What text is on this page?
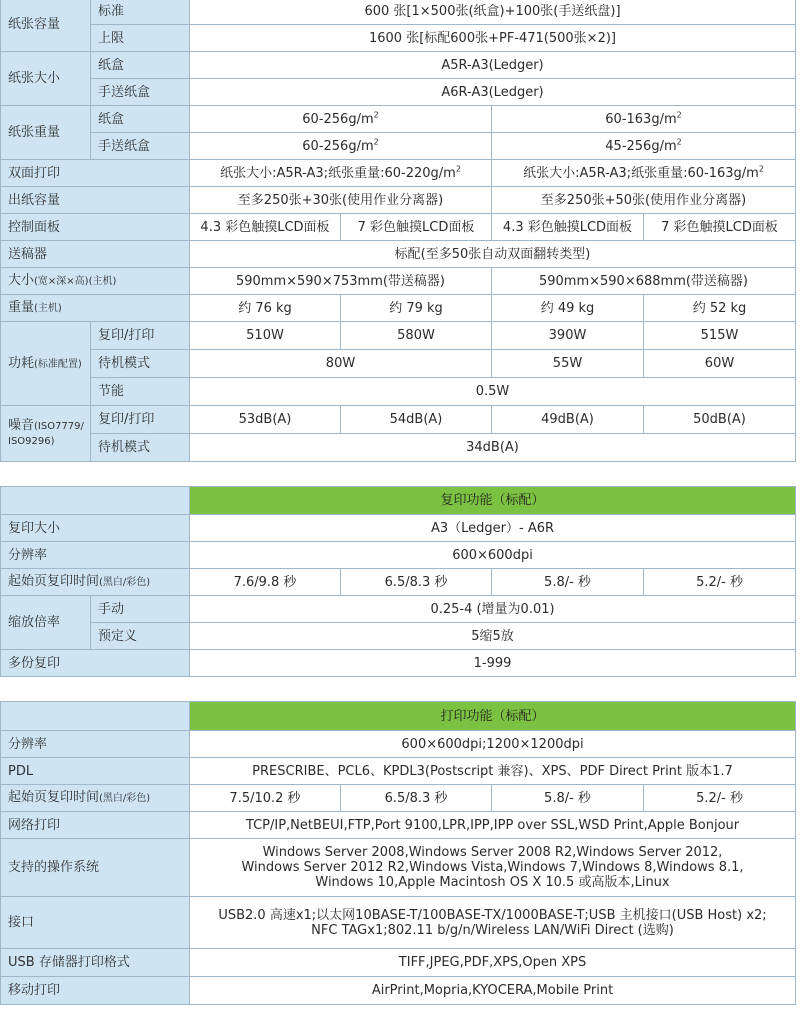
纸张容量	标准	600 张[1×500张(纸盒)+100张(手送纸盘)]			
	上限	1600 张[标配600张+PF-471(500张×2)]			
纸张大小	纸盒	A5R-A3(Ledger)			
	手送纸盒	A6R-A3(Ledger)			
纸张重量	纸盒	$60-256g/m^2$		$60-163g/m^2$
	手送纸盒	$60-256g/m^2$		$45-256g/m^2$
双面打印		纸张大小:A5R-A3;纸张重量$:60-220g/m^2$		纸张大小:A5R-A3;纸张重量$:60-163g/m^2$
出纸容量		至多250张+30张(使用作业分离器)		至多250张+50张(使用作业分离器)	
控制面板		4.3 彩色触摸LCD面板	7 彩色触摸LCD面板	4.3 彩色触摸LCD面板	7 彩色触摸LCD面板
送稿器		标配(至多50张自动双面翻转类型)			
大小(宽×深×高)(主机)		590mm×590×753mm(带送稿器)		590mm×590×688mm(带送稿器)	
重量(主机)		约 76 kg	约 79 kg	约 49 kg	约 52 kg
功耗(标准配置)	复印/打印	510W	580W	390W	515W
	待机模式	80W		55W	60W
	节能	0.5W			
噪音(ISO7779/ ISO9296)	复印/打印	53dB(A)	54dB(A)	49dB(A)	50dB(A)
	待机模式	34dB(A)			
		复印功能（标配）			
复印大小		A3（Ledger）- A6R			
分辨率		600×600dpi			
起始页复印时间(黑白/彩色)		7.6/9.8 秒	6.5/8.3 秒	5.8/- 秒	5.2/- 秒
缩放倍率	手动	0.25-4 (增量为0.01)			
	预定义	5缩5放			
多份复印		1-999			
	打印功能（标配）			
分辨率	600×600dpi;1200×1200dpi			
PDL	PRESCRIBE、PCL6、KPDL3(Postscript 兼容)、XPS、PDF Direct Print 版本1.7			
起始页复印时间(黑白/彩色)	7.5/10.2 秒	6.5/8.3 秒	5.8/- 秒	5.2/- 秒
网络打印	TCP/IP,NetBEUI,FTP,Port 9100,LPR,IPP,IPP over SSL,WSD Print,Apple Bonjour			
支持的操作系统	Windows Server 2008,Windows Server 2008 R2,Windows Server 2012,
Windows Server 2012 R2,Windows Vista,Windows 7,Windows 8,Windows 8.1,
Windows 10,Apple Macintosh OS X 10.5 或高版本,Linux			

接口	USB2.0 高速x1;以太网10BASE-T/100BASE-TX/1000BASE-T;USB 主机接口(USB Host) x2;
NFC TAGx1;802.11 b/g/n/Wireless LAN/WiFi Direct (选购)			

USB 存储器打印格式	TIFF,JPEG,PDF,XPS,Open XPS			
移动打印	AirPrint,Mopria,KYOCERA,Mobile Print			
